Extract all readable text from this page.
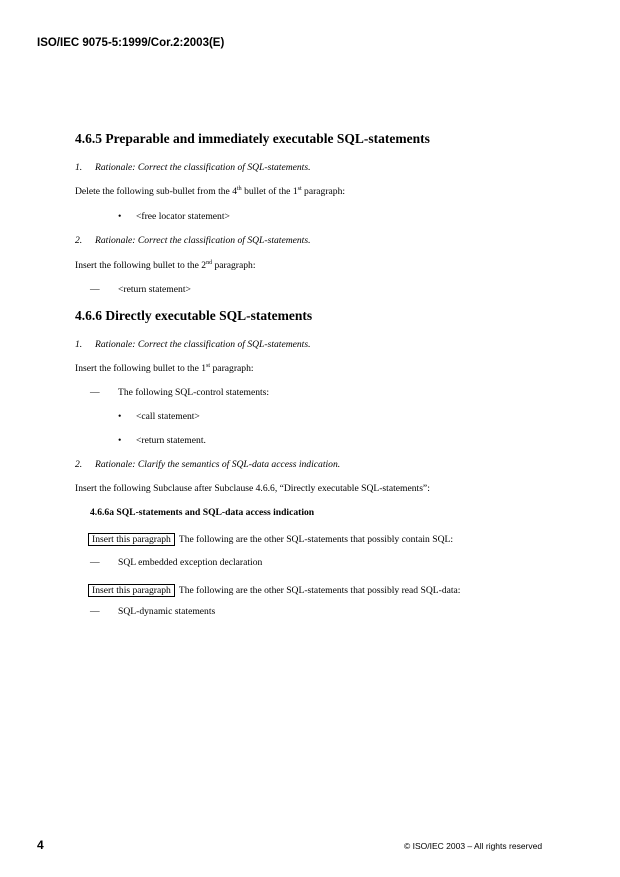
ISO/IEC 9075-5:1999/Cor.2:2003(E)
4.6.5 Preparable and immediately executable SQL-statements
1. Rationale: Correct the classification of SQL-statements.
Delete the following sub-bullet from the 4th bullet of the 1st paragraph:
• <free locator statement>
2. Rationale: Correct the classification of SQL-statements.
Insert the following bullet to the 2nd paragraph:
— <return statement>
4.6.6 Directly executable SQL-statements
1. Rationale: Correct the classification of SQL-statements.
Insert the following bullet to the 1st paragraph:
— The following SQL-control statements:
• <call statement>
• <return statement.
2. Rationale: Clarify the semantics of SQL-data access indication.
Insert the following Subclause after Subclause 4.6.6, “Directly executable SQL-statements”:
4.6.6a SQL-statements and SQL-data access indication
Insert this paragraph The following are the other SQL-statements that possibly contain SQL:
— SQL embedded exception declaration
Insert this paragraph The following are the other SQL-statements that possibly read SQL-data:
— SQL-dynamic statements
4	© ISO/IEC 2003 – All rights reserved
